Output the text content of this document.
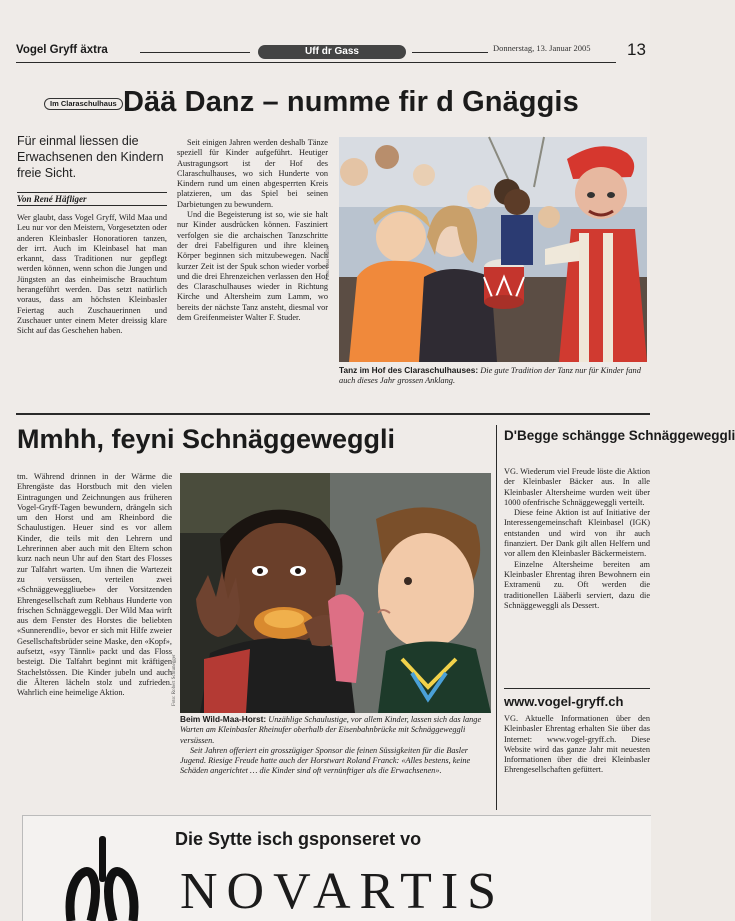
Vogel Gryff äxtra	Uff dr Gass	Donnerstag, 13. Januar 2005 13
Im Claraschulhaus Dää Danz – numme fir d Gnäggis
Für einmal liessen die Erwachsenen den Kindern freie Sicht.
Von René Häfliger
Wer glaubt, dass Vogel Gryff, Wild Maa und Leu nur vor den Meistern, Vorgesetzten oder anderen Kleinbasler Honoratioren tanzen, der irrt. Auch im Kleinbasel hat man erkannt, dass Traditionen nur gepflegt werden können, wenn schon die Jungen und Jüngsten an das einheimische Brauchtum herangeführt werden. Das setzt natürlich voraus, dass am höchsten Kleinbasler Feiertag auch Zuschauerinnen und Zuschauer unter einem Meter dreissig klare Sicht auf das Geschehen haben.
Seit einigen Jahren werden deshalb Tänze speziell für Kinder aufgeführt. Heutiger Austragungsort ist der Hof des Claraschulhauses, wo sich Hunderte von Kindern rund um einen abgesperrten Kreis platzieren, um das Spiel bei seinen Darbietungen zu bewundern.
Und die Begeisterung ist so, wie sie halt nur Kinder ausdrücken können. Fasziniert verfolgen sie die archaischen Tanzschritte der drei Fabelfiguren und ihre kleinen Körper beginnen sich mitzubewegen. Nach kurzer Zeit ist der Spuk schon wieder vorbei und die drei Ehrenzeichen verlassen den Hof des Claraschulhauses wieder in Richtung Kirche und Altersheim zum Lamm, wo bereits der nächste Tanz ansteht, diesmal vor dem Greifenmeister Walter F. Studer.
Foto: Beat Huber
Tanz im Hof des Claraschulhauses: Die gute Tradition der Tanz nur für Kinder fand auch dieses Jahr grossen Anklang.
Mmhh, feyni Schnäggeweggli
tm. Während drinnen in der Wärme die Ehrengäste das Horstbuch mit den vielen Eintragungen und Zeichnungen aus früheren Vogel-Gryff-Tagen bewundern, drängeln sich um den Horst und am Rheinbord die Schaulustigen. Heuer sind es vor allem Kinder, die teils mit den Lehrern und Lehrerinnen aber auch mit den Eltern schon kurz nach neun Uhr auf den Start des Flosses zur Talfahrt warten. Um ihnen die Wartezeit zu versüssen, verteilen zwei «Schnäggeweggliuebe» der Vorsitzenden Ehrengesellschaft zum Rebhaus Hunderte von frischen Schnäggeweggli. Der Wild Maa wirft aus dem Fenster des Horstes die beliebten «Sunnerendli», bevor er sich mit Hilfe zweier Gesellschaftsbrüder seine Maske, den «Kopf», aufsetzt, «syy Tännli» packt und das Floss besteigt. Die Talfahrt beginnt mit kräftigen Stachelstössen. Die Kinder jubeln und auch die Älteren lächeln stolz und zufrieden. Wahrlich eine heimelige Aktion.	Foto: Robert Schlunegger
Beim Wild-Maa-Horst: Unzählige Schaulustige, vor allem Kinder, lassen sich das lange Warten am Kleinbasler Rheinufer oberhalb der Eisenbahnbrücke mit Schnäggeweggli versüssen.
Seit Jahren offeriert ein grosszügiger Sponsor die feinen Süssigkeiten für die Basler Jugend. Riesige Freude hatte auch der Horstwart Roland Franck: «Alles bestens, keine Schäden angerichtet … die Kinder sind oft vernünftiger als die Erwachsenen».
D'Begge schängge Schnäggeweggli
VG. Wiederum viel Freude löste die Aktion der Kleinbasler Bäcker aus. In alle Kleinbasler Altersheime wurden weit über 1000 ofenfrische Schnäggeweggli verteilt.
Diese feine Aktion ist auf Initiative der Interessengemeinschaft Kleinbasel (IGK) entstanden und wird von ihr auch finanziert. Der Dank gilt allen Helfern und vor allem den Kleinbasler Bäckermeistern.
Einzelne Altersheime bereiten am Kleinbasler Ehrentag ihren Bewohnern ein Extramenü zu. Oft werden die traditionellen Lääberli serviert, dazu die Schnäggeweggli als Dessert.
www.vogel-gryff.ch
VG. Aktuelle Informationen über den Kleinbasler Ehrentag erhalten Sie über das Internet: www.vogel-gryff.ch. Diese Website wird das ganze Jahr mit neuesten Informationen über die drei Kleinbasler Ehrengesellschaften gefüttert.
Die Sytte isch gsponseret vo
NOVARTIS
